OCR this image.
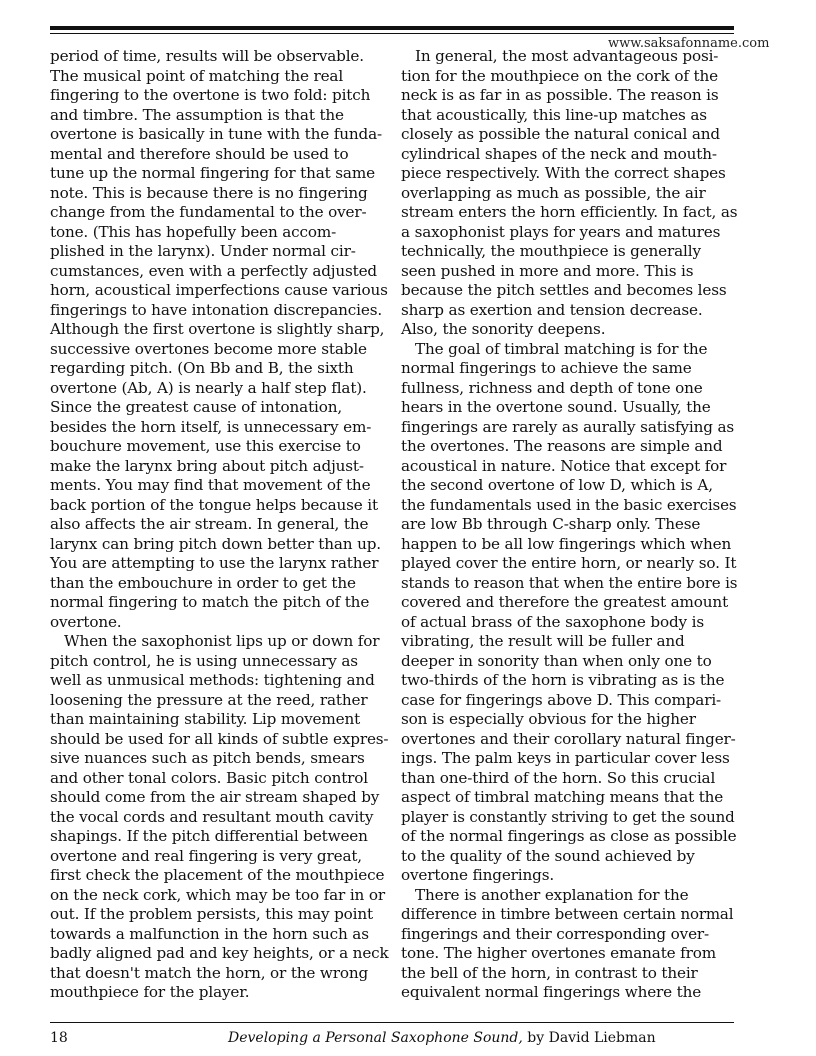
www.saksafonname.com
period of time, results will be observable.
The musical point of matching the real
fingering to the overtone is two fold: pitch
and timbre. The assumption is that the
overtone is basically in tune with the funda-
mental and therefore should be used to
tune up the normal fingering for that same
note. This is because there is no fingering
change from the fundamental to the over-
tone. (This has hopefully been accom-
plished in the larynx). Under normal cir-
cumstances, even with a perfectly adjusted
horn, acoustical imperfections cause various
fingerings to have intonation discrepancies.
Although the first overtone is slightly sharp,
successive overtones become more stable
regarding pitch. (On Bb and B, the sixth
overtone (Ab, A) is nearly a half step flat).
Since the greatest cause of intonation,
besides the horn itself, is unnecessary em-
bouchure movement, use this exercise to
make the larynx bring about pitch adjust-
ments. You may find that movement of the
back portion of the tongue helps because it
also affects the air stream. In general, the
larynx can bring pitch down better than up.
You are attempting to use the larynx rather
than the embouchure in order to get the
normal fingering to match the pitch of the
overtone.
When the saxophonist lips up or down for
pitch control, he is using unnecessary as
well as unmusical methods: tightening and
loosening the pressure at the reed, rather
than maintaining stability. Lip movement
should be used for all kinds of subtle expres-
sive nuances such as pitch bends, smears
and other tonal colors. Basic pitch control
should come from the air stream shaped by
the vocal cords and resultant mouth cavity
shapings. If the pitch differential between
overtone and real fingering is very great,
first check the placement of the mouthpiece
on the neck cork, which may be too far in or
out. If the problem persists, this may point
towards a malfunction in the horn such as
badly aligned pad and key heights, or a neck
that doesn't match the horn, or the wrong
mouthpiece for the player.
In general, the most advantageous posi-
tion for the mouthpiece on the cork of the
neck is as far in as possible. The reason is
that acoustically, this line-up matches as
closely as possible the natural conical and
cylindrical shapes of the neck and mouth-
piece respectively. With the correct shapes
overlapping as much as possible, the air
stream enters the horn efficiently. In fact, as
a saxophonist plays for years and matures
technically, the mouthpiece is generally
seen pushed in more and more. This is
because the pitch settles and becomes less
sharp as exertion and tension decrease.
Also, the sonority deepens.
The goal of timbral matching is for the
normal fingerings to achieve the same
fullness, richness and depth of tone one
hears in the overtone sound. Usually, the
fingerings are rarely as aurally satisfying as
the overtones. The reasons are simple and
acoustical in nature. Notice that except for
the second overtone of low D, which is A,
the fundamentals used in the basic exercises
are low Bb through C-sharp only. These
happen to be all low fingerings which when
played cover the entire horn, or nearly so. It
stands to reason that when the entire bore is
covered and therefore the greatest amount
of actual brass of the saxophone body is
vibrating, the result will be fuller and
deeper in sonority than when only one to
two-thirds of the horn is vibrating as is the
case for fingerings above D. This compari-
son is especially obvious for the higher
overtones and their corollary natural finger-
ings. The palm keys in particular cover less
than one-third of the horn. So this crucial
aspect of timbral matching means that the
player is constantly striving to get the sound
of the normal fingerings as close as possible
to the quality of the sound achieved by
overtone fingerings.
There is another explanation for the
difference in timbre between certain normal
fingerings and their corresponding over-
tone. The higher overtones emanate from
the bell of the horn, in contrast to their
equivalent normal fingerings where the
18	Developing a Personal Saxophone Sound, by David Liebman
